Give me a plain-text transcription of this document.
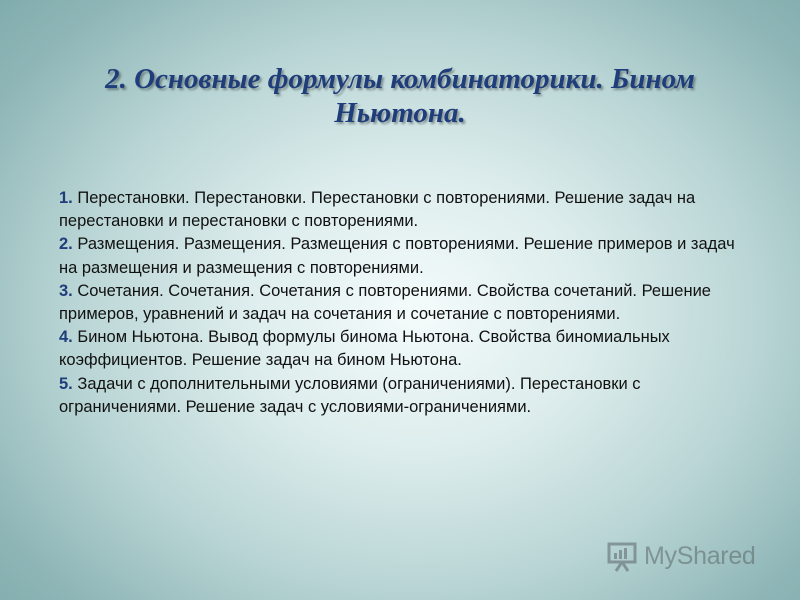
2. Основные формулы комбинаторики. Бином Ньютона.
1. Перестановки. Перестановки. Перестановки с повторениями. Решение задач на перестановки и перестановки с повторениями.
2. Размещения. Размещения. Размещения с повторениями. Решение примеров и задач на размещения и размещения с повторениями.
3. Сочетания. Сочетания. Сочетания с повторениями. Свойства сочетаний. Решение примеров, уравнений и задач на сочетания и сочетание с повторениями.
4. Бином Ньютона. Вывод формулы бинома Ньютона. Свойства биномиальных коэффициентов. Решение задач на бином Ньютона.
5. Задачи с дополнительными условиями (ограничениями). Перестановки с ограничениями. Решение задач с условиями-ограничениями.
MyShared
